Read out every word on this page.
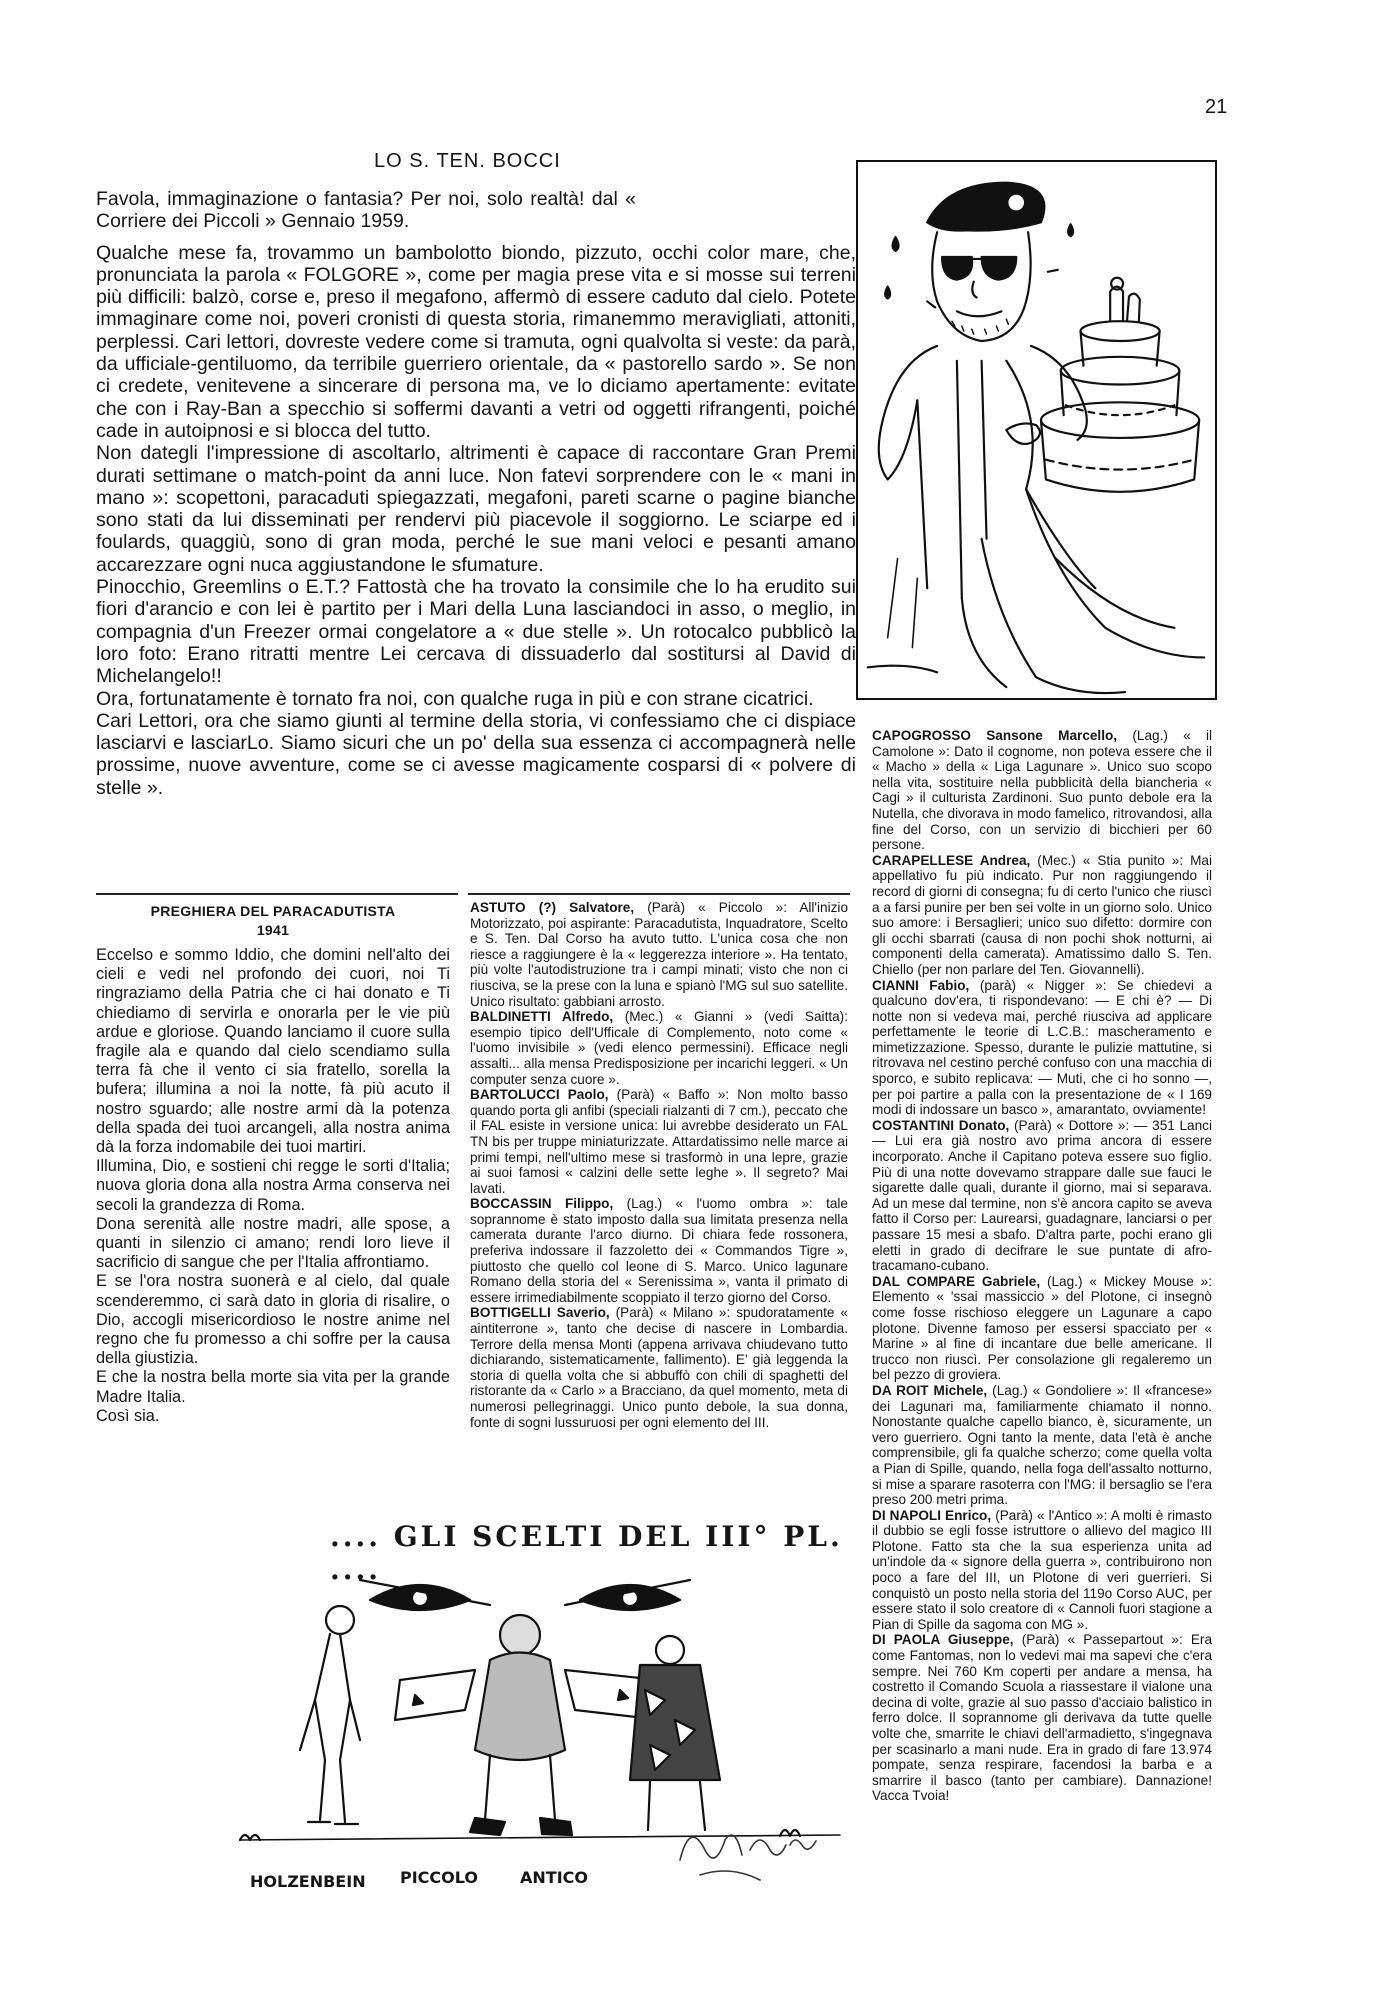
21
LO S. TEN. BOCCI

Favola, immaginazione o fantasia? Per noi, solo realtà! dal « Corriere dei Piccoli » Gennaio 1959.

Qualche mese fa, trovammo un bambolotto biondo, pizzuto, occhi color mare, che, pronunciata la parola « FOLGORE », come per magia prese vita e si mosse sui terreni più difficili: balzò, corse e, preso il megafono, affermò di essere caduto dal cielo. Potete immaginare come noi, poveri cronisti di questa storia, rimanemmo meravigliati, attoniti, perplessi. Cari lettori, dovreste vedere come si tramuta, ogni qualvolta si veste: da parà, da ufficiale-gentiluomo, da terribile guerriero orientale, da « pastorello sardo ». Se non ci credete, venitevene a sincerare di persona ma, ve lo diciamo apertamente: evitate che con i Ray-Ban a specchio si soffermi davanti a vetri od oggetti rifrangenti, poiché cade in autoipnosi e si blocca del tutto.

Non dategli l'impressione di ascoltarlo, altrimenti è capace di raccontare Gran Premi durati settimane o match-point da anni luce. Non fatevi sorprendere con le « mani in mano »: scopettoni, paracaduti spiegazzati, megafoni, pareti scarne o pagine bianche sono stati da lui disseminati per rendervi più piacevole il soggiorno. Le sciarpe ed i foulards, quaggiù, sono di gran moda, perché le sue mani veloci e pesanti amano accarezzare ogni nuca aggiustandone le sfumature.

Pinocchio, Greemlins o E.T.? Fattostà che ha trovato la consimile che lo ha erudito sui fiori d'arancio e con lei è partito per i Mari della Luna lasciandoci in asso, o meglio, in compagnia d'un Freezer ormai congelatore a « due stelle ». Un rotocalco pubblicò la loro foto: Erano ritratti mentre Lei cercava di dissuaderlo dal sostitursi al David di Michelangelo!!

Ora, fortunatamente è tornato fra noi, con qualche ruga in più e con strane cicatrici.

Cari Lettori, ora che siamo giunti al termine della storia, vi confessiamo che ci dispiace lasciarvi e lasciarLo. Siamo sicuri che un po' della sua essenza ci accompagnerà nelle prossime, nuove avventure, come se ci avesse magicamente cosparsi di « polvere di stelle ».

PREGHIERA DEL PARACADUTISTA
1941

Eccelso e sommo Iddio, che domini nell'alto dei cieli e vedi nel profondo dei cuori, noi Ti ringraziamo della Patria che ci hai donato e Ti chiediamo di servirla e onorarla per le vie più ardue e gloriose. Quando lanciamo il cuore sulla fragile ala e quando dal cielo scendiamo sulla terra fà che il vento ci sia fratello, sorella la bufera; illumina a noi la notte, fà più acuto il nostro sguardo; alle nostre armi dà la potenza della spada dei tuoi arcangeli, alla nostra anima dà la forza indomabile dei tuoi martiri.

Illumina, Dio, e sostieni chi regge le sorti d'Italia; nuova gloria dona alla nostra Arma conserva nei secoli la grandezza di Roma.

Dona serenità alle nostre madri, alle spose, a quanti in silenzio ci amano; rendi loro lieve il sacrificio di sangue che per l'Italia affrontiamo.

E se l'ora nostra suonerà e al cielo, dal quale scenderemmo, ci sarà dato in gloria di risalire, o Dio, accogli misericordioso le nostre anime nel regno che fu promesso a chi soffre per la causa della giustizia.

E che la nostra bella morte sia vita per la grande Madre Italia.

Così sia.

ASTUTO (?) Salvatore, (Parà) « Piccolo »: All'inizio Motorizzato, poi aspirante: Paracadutista, Inquadratore, Scelto e S. Ten. Dal Corso ha avuto tutto. L'unica cosa che non riesce a raggiungere è la « leggerezza interiore ». Ha tentato, più volte l'autodistruzione tra i campi minati; visto che non ci riusciva, se la prese con la luna e spianò l'MG sul suo satellite. Unico risultato: gabbiani arrosto.

BALDINETTI Alfredo, (Mec.) « Gianni » (vedi Saitta): esempio tipico dell'Ufficale di Complemento, noto come « l'uomo invisibile » (vedi elenco permessini). Efficace negli assalti... alla mensa Predisposizione per incarichi leggeri. « Un computer senza cuore ».

BARTOLUCCI Paolo, (Parà) « Baffo »: Non molto basso quando porta gli anfibi (speciali rialzanti di 7 cm.), peccato che il FAL esiste in versione unica: lui avrebbe desiderato un FAL TN bis per truppe miniaturizzate. Attardatissimo nelle marce ai primi tempi, nell'ultimo mese si trasformò in una lepre, grazie ai suoi famosi « calzini delle sette leghe ». Il segreto? Mai lavati.

BOCCASSIN Filippo, (Lag.) « l'uomo ombra »: tale soprannome è stato imposto dalla sua limitata presenza nella camerata durante l'arco diurno. Di chiara fede rossonera, preferiva indossare il fazzoletto dei « Commandos Tigre », piuttosto che quello col leone di S. Marco. Unico lagunare Romano della storia del « Serenissima », vanta il primato di essere irrimediabilmente scoppiato il terzo giorno del Corso.

BOTTIGELLI Saverio, (Parà) « Milano »: spudoratamente « aintiterrone », tanto che decise di nascere in Lombardia. Terrore della mensa Monti (appena arrivava chiudevano tutto dichiarando, sistematicamente, fallimento). E' già leggenda la storia di quella volta che si abbuffò con chili di spaghetti del ristorante da « Carlo » a Bracciano, da quel momento, meta di numerosi pellegrinaggi. Unico punto debole, la sua donna, fonte di sogni lussuruosi per ogni elemento del III.

CAPOGROSSO Sansone Marcello, (Lag.) « il Camolone »: Dato il cognome, non poteva essere che il « Macho » della « Liga Lagunare ». Unico suo scopo nella vita, sostituire nella pubblicità della biancheria « Cagi » il culturista Zardinoni. Suo punto debole era la Nutella, che divorava in modo famelico, ritrovandosi, alla fine del Corso, con un servizio di bicchieri per 60 persone.

CARAPELLESE Andrea, (Mec.) « Stia punito »: Mai appellativo fu più indicato. Pur non raggiungendo il record di giorni di consegna; fu di certo l'unico che riuscì a a farsi punire per ben sei volte in un giorno solo. Unico suo amore: i Bersaglieri; unico suo difetto: dormire con gli occhi sbarrati (causa di non pochi shok notturni, ai componenti della camerata). Amatissimo dallo S. Ten. Chiello (per non parlare del Ten. Giovannelli).

CIANNI Fabio, (parà) « Nigger »: Se chiedevi a qualcuno dov'era, ti rispondevano: — E chi è? — Di notte non si vedeva mai, perché riusciva ad applicare perfettamente le teorie di L.C.B.: mascheramento e mimetizzazione. Spesso, durante le pulizie mattutine, si ritrovava nel cestino perché confuso con una macchia di sporco, e subito replicava: — Muti, che ci ho sonno —, per poi partire a palla con la presentazione de « I 169 modi di indossare un basco », amarantato, ovviamente!

COSTANTINI Donato, (Parà) « Dottore »: — 351 Lanci — Lui era già nostro avo prima ancora di essere incorporato. Anche il Capitano poteva essere suo figlio. Più di una notte dovevamo strappare dalle sue fauci le sigarette dalle quali, durante il giorno, mai si separava. Ad un mese dal termine, non s'è ancora capito se aveva fatto il Corso per: Laurearsi, guadagnare, lanciarsi o per passare 15 mesi a sbafo. D'altra parte, pochi erano gli eletti in grado di decifrare le sue puntate di afro-tracamano-cubano.

DAL COMPARE Gabriele, (Lag.) « Mickey Mouse »: Elemento « 'ssai massiccio » del Plotone, ci insegnò come fosse rischioso eleggere un Lagunare a capo plotone. Divenne famoso per essersi spacciato per « Marine » al fine di incantare due belle americane. Il trucco non riuscì. Per consolazione gli regaleremo un bel pezzo di groviera.

DA ROIT Michele, (Lag.) « Gondoliere »: Il «francese» dei Lagunari ma, familiarmente chiamato il nonno. Nonostante qualche capello bianco, è, sicuramente, un vero guerriero. Ogni tanto la mente, data l'età è anche comprensibile, gli fa qualche scherzo; come quella volta a Pian di Spille, quando, nella foga dell'assalto notturno, si mise a sparare rasoterra con l'MG: il bersaglio se l'era preso 200 metri prima.

DI NAPOLI Enrico, (Parà) « l'Antico »: A molti è rimasto il dubbio se egli fosse istruttore o allievo del magico III Plotone. Fatto sta che la sua esperienza unita ad un'indole da « signore della guerra », contribuirono non poco a fare del III, un Plotone di veri guerrieri. Si conquistò un posto nella storia del 119o Corso AUC, per essere stato il solo creatore di « Cannoli fuori stagione a Pian di Spille da sagoma con MG ».

DI PAOLA Giuseppe, (Parà) « Passepartout »: Era come Fantomas, non lo vedevi mai ma sapevi che c'era sempre. Nei 760 Km coperti per andare a mensa, ha costretto il Comando Scuola a riassestare il vialone una decina di volte, grazie al suo passo d'acciaio balistico in ferro dolce. Il soprannome gli derivava da tutte quelle volte che, smarrite le chiavi dell'armadietto, s'ingegnava per scasinarlo a mani nude. Era in grado di fare 13.974 pompate, senza respirare, facendosi la barba e a smarrire il basco (tanto per cambiare). Dannazione! Vacca Tvoia!

.... GLI SCELTI DEL III° PL. ....
HOLZENBEIN PICCOLO	ANTICO
